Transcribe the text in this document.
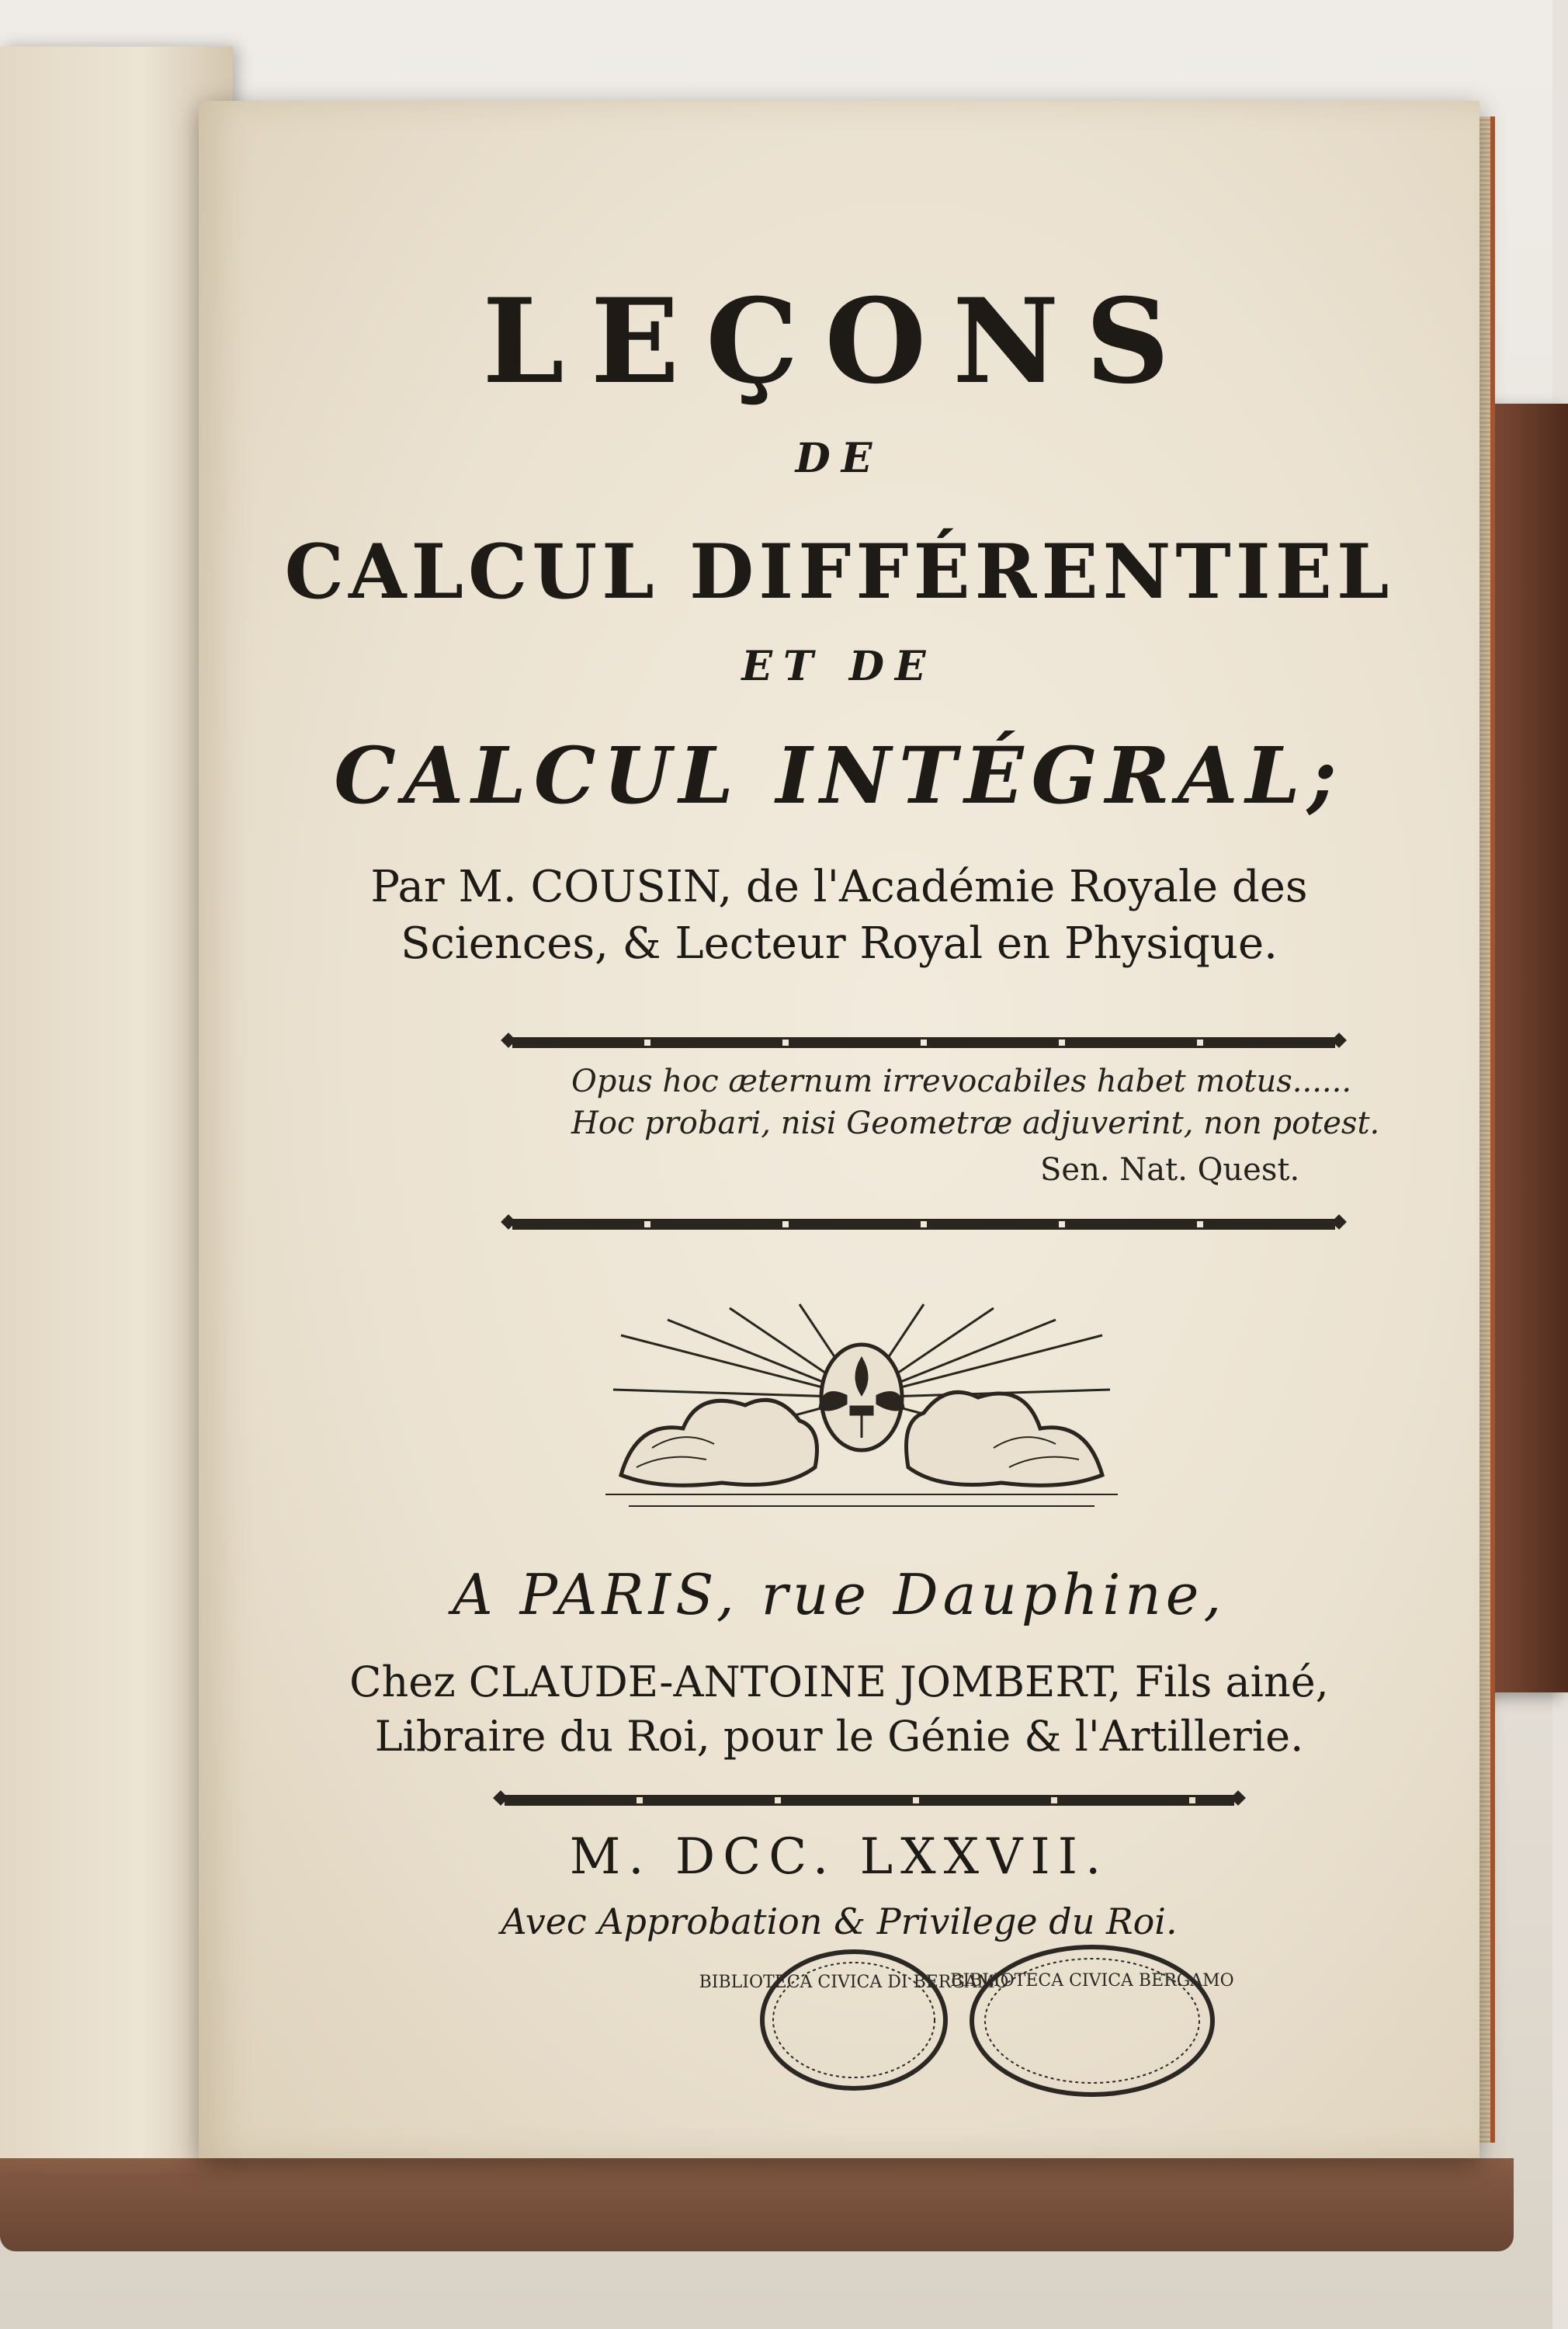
LEÇONS

DE

CALCUL DIFFÉRENTIEL

ET DE

CALCUL INTÉGRAL;

Par M. COUSIN, de l'Académie Royale des

Sciences, & Lecteur Royal en Physique.

A PARIS, rue Dauphine,

Chez CLAUDE-ANTOINE JOMBERT, Fils ainé,

Libraire du Roi, pour le Génie & l'Artillerie.

M. DCC. LXXVII.

Avec Approbation & Privilege du Roi.

Opus hoc æternum irrevocabiles habet motus......

Hoc probari, nisi Geometræ adjuverint, non potest.

Sen. Nat. Quest.

BIBLIOTECA CIVICA DI BERGAMO
BIBLIOTECA CIVICA BERGAMO
